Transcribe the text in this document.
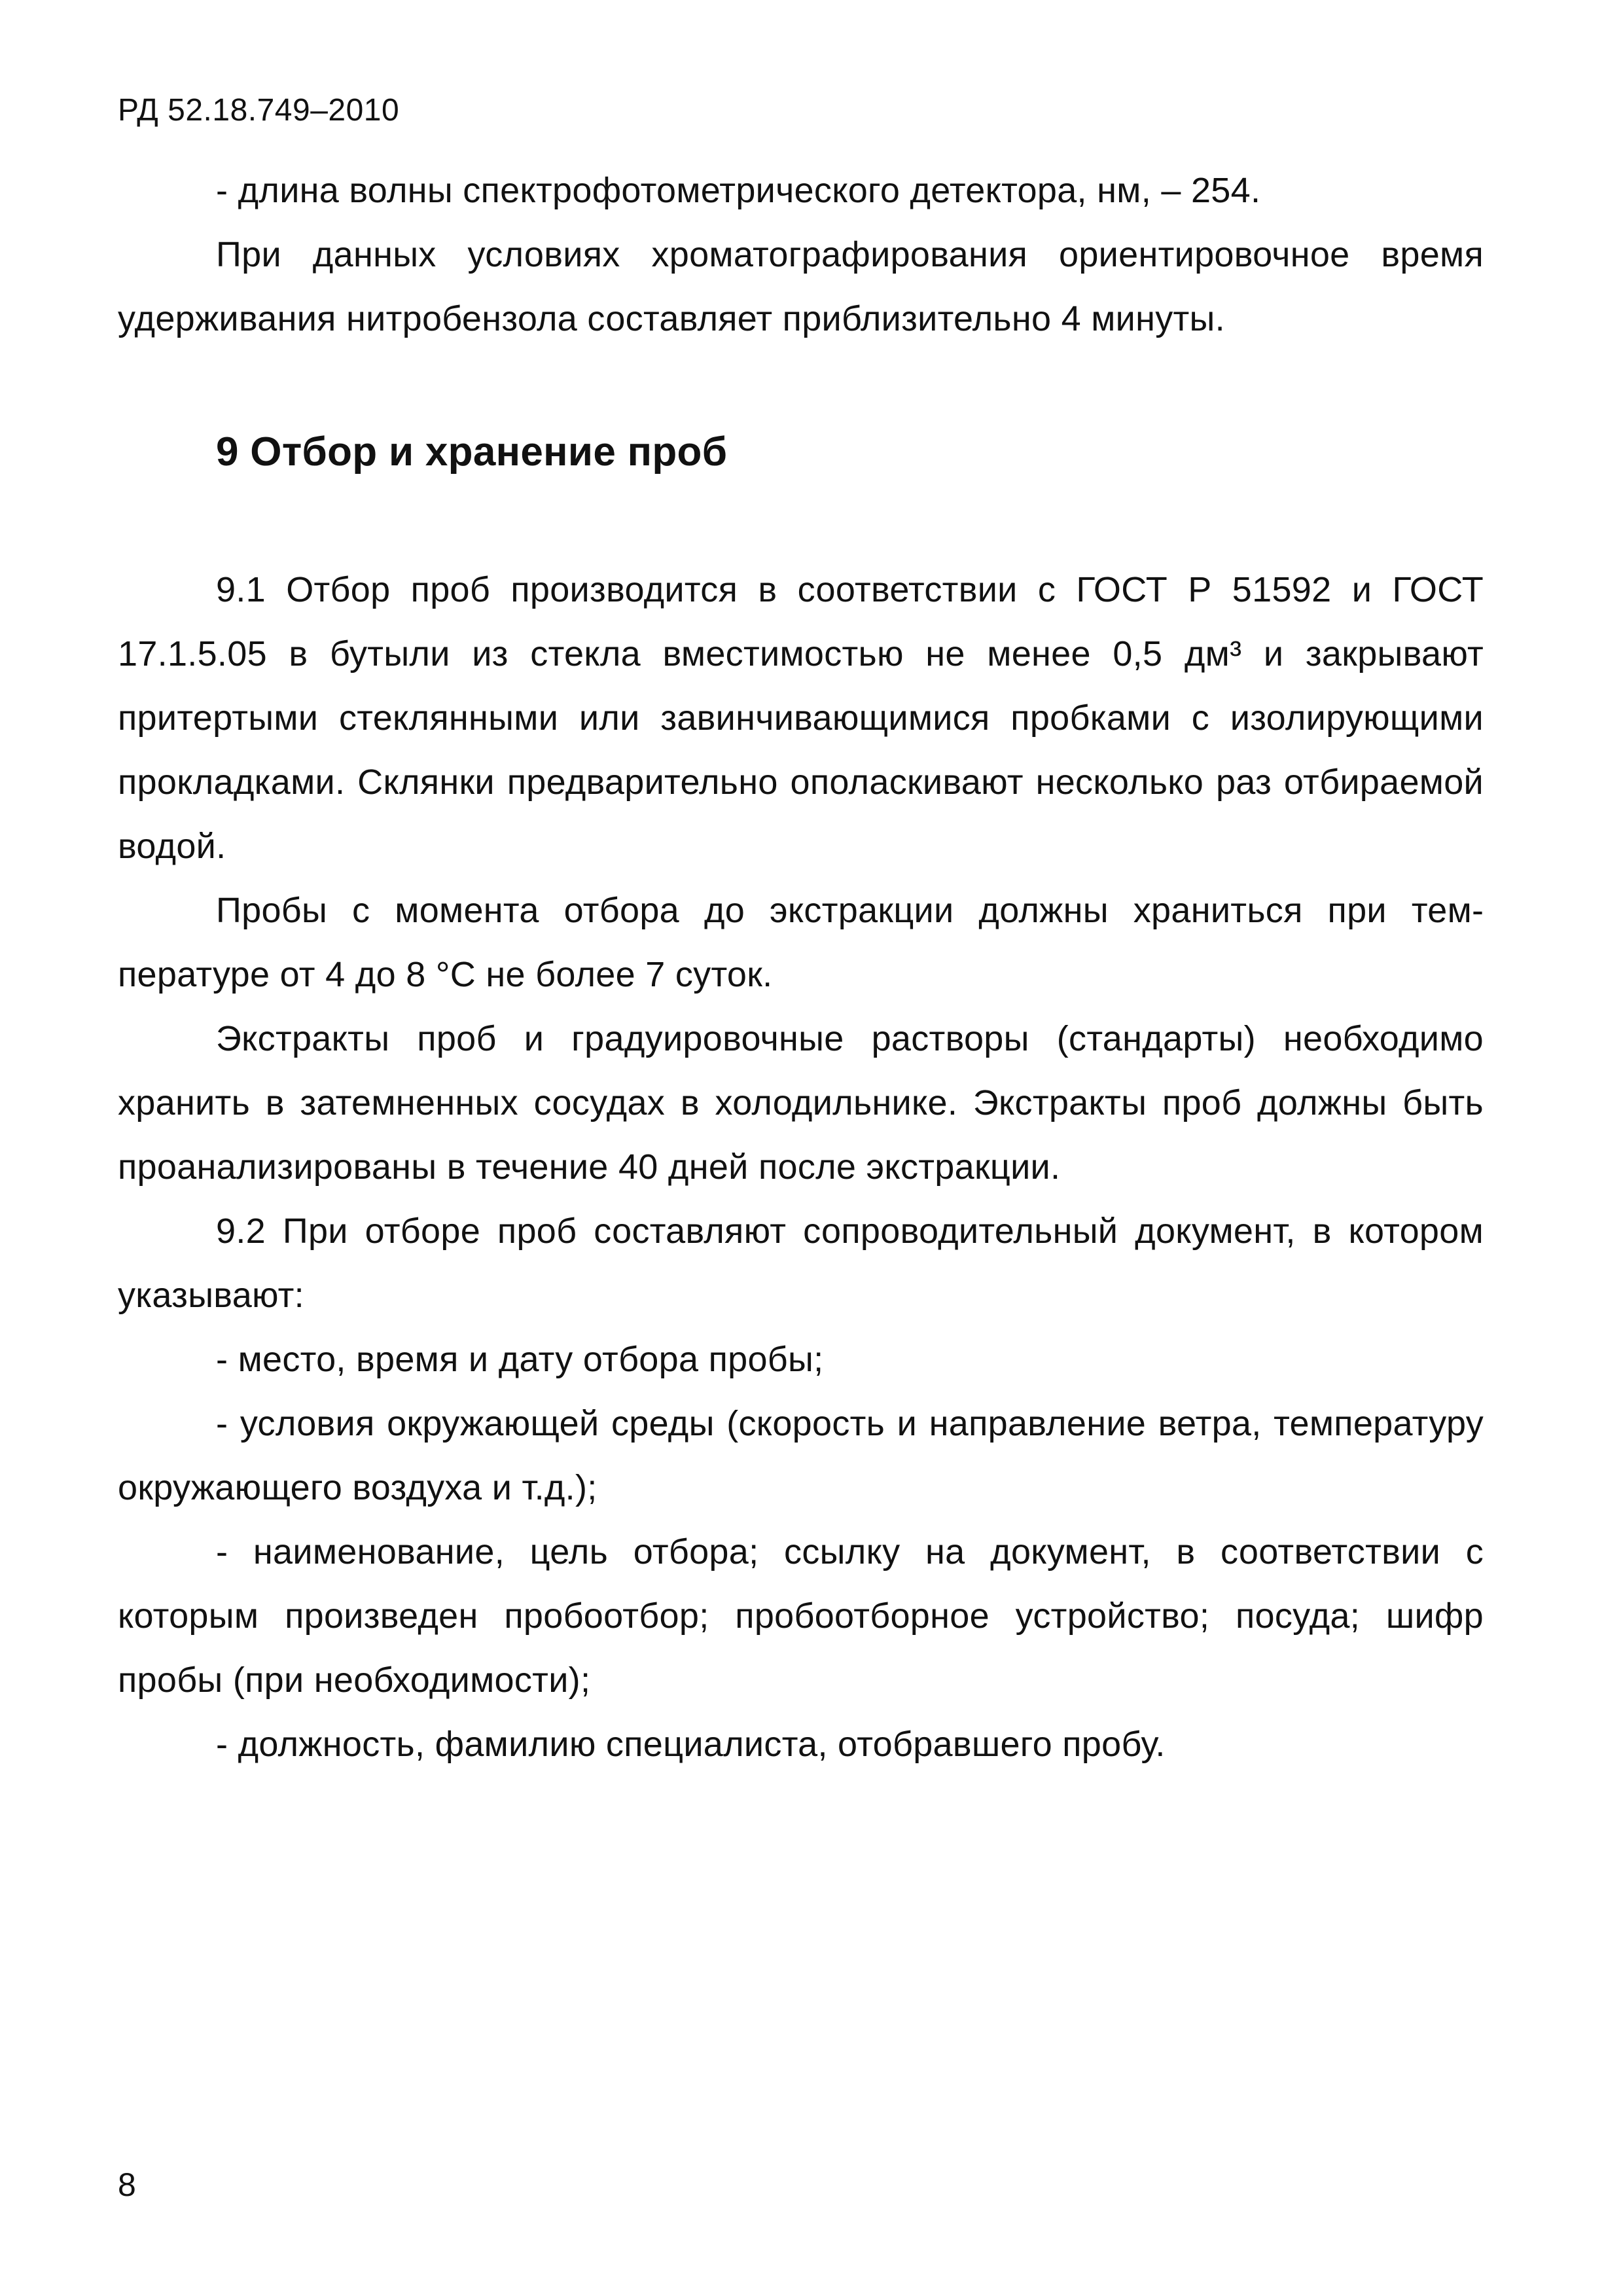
РД 52.18.749–2010

- длина волны спектрофотометрического детектора, нм, – 254.

При данных условиях хроматографирования ориентировочное время удерживания нитробензола составляет приблизительно 4 минуты.

9 Отбор и хранение проб

9.1 Отбор проб производится в соответствии с ГОСТ Р 51592 и ГОСТ 17.1.5.05 в бутыли из стекла вместимостью не менее 0,5 дм³ и закрывают притертыми стеклянными или завинчивающимися пробками с изолирующими прокладками. Склянки предварительно ополаскивают несколько раз отбираемой водой.

Пробы с момента отбора до экстракции должны храниться при температуре от 4 до 8 °С не более 7 суток.

Экстракты проб и градуировочные растворы (стандарты) необходимо хранить в затемненных сосудах в холодильнике. Экстракты проб должны быть проанализированы в течение 40 дней после экстракции.

9.2 При отборе проб составляют сопроводительный документ, в котором указывают:

- место, время и дату отбора пробы;

- условия окружающей среды (скорость и направление ветра, температуру окружающего воздуха и т.д.);

- наименование, цель отбора; ссылку на документ, в соответствии с которым произведен пробоотбор; пробоотборное устройство; посуда; шифр пробы (при необходимости);

- должность, фамилию специалиста, отобравшего пробу.

8
